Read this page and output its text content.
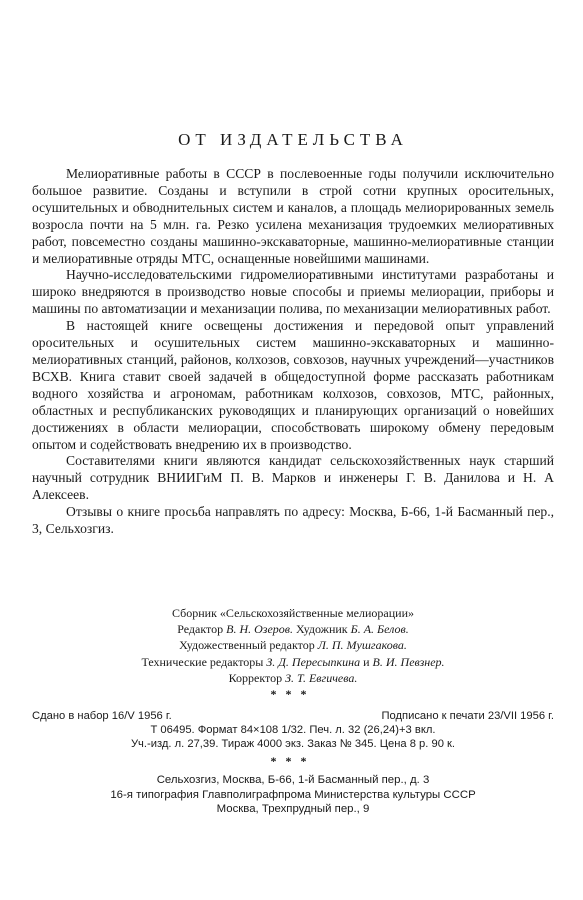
ОТ ИЗДАТЕЛЬСТВА

Мелиоративные работы в СССР в послевоенные годы получили исключительно большое развитие. Созданы и вступили в строй сотни крупных оросительных, осушительных и обводнительных систем и каналов, а площадь мелиорированных земель возросла почти на 5 млн. га. Резко усилена механизация трудоемких мелиоративных работ, повсеместно созданы машинно-экскаваторные, машинно-мелиоративные станции и мелиоративные отряды МТС, оснащенные новейшими машинами.

Научно-исследовательскими гидромелиоративными институтами разработаны и широко внедряются в производство новые способы и приемы мелиорации, приборы и машины по автоматизации и механизации полива, по механизации мелиоративных работ.

В настоящей книге освещены достижения и передовой опыт управлений оросительных и осушительных систем машинно-экскаваторных и машинно-мелиоративных станций, районов, колхозов, совхозов, научных учреждений—участников ВСХВ. Книга ставит своей задачей в общедоступной форме рассказать работникам водного хозяйства и агрономам, работникам колхозов, совхозов, МТС, районных, областных и республиканских руководящих и планирующих организаций о новейших достижениях в области мелиорации, способствовать широкому обмену передовым опытом и содействовать внедрению их в производство.

Составителями книги являются кандидат сельскохозяйственных наук старший научный сотрудник ВНИИГиМ П. В. Марков и инженеры Г. В. Данилова и Н. А Алексеев.

Отзывы о книге просьба направлять по адресу: Москва, Б-66, 1-й Басманный пер., 3, Сельхозгиз.

Сборник «Сельскохозяйственные мелиорации»
Редактор В. Н. Озеров. Художник Б. А. Белов.
Художественный редактор Л. П. Мушгакова.
Технические редакторы З. Д. Пересыпкина и В. И. Певзнер.
Корректор З. Т. Евгичева.
***
Сдано в набор 16/V 1956 г.	Подписано к печати 23/VII 1956 г.
Т 06495. Формат 84×108 1/32. Печ. л. 32 (26,24)+3 вкл.
Уч.-изд. л. 27,39. Тираж 4000 экз. Заказ № 345. Цена 8 р. 90 к.
***
Сельхозгиз, Москва, Б-66, 1-й Басманный пер., д. 3
16-я типография Главполиграфпрома Министерства культуры СССР
Москва, Трехпрудный пер., 9
